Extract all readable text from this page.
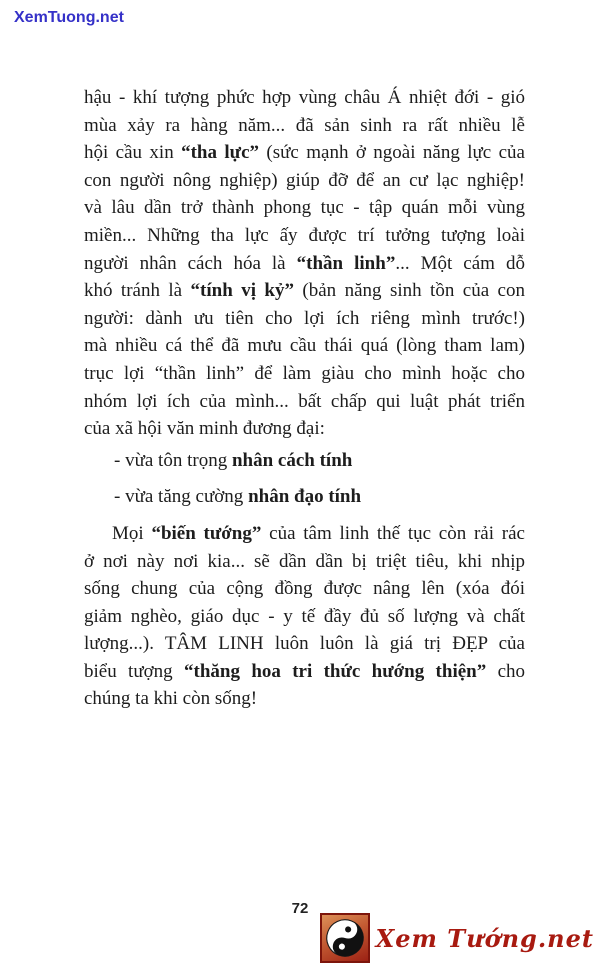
XemTuong.net
hậu - khí tượng phức hợp vùng châu Á nhiệt đới - gió
mùa xảy ra hàng năm... đã sản sinh ra rất nhiều lễ
hội cầu xin “tha lực” (sức mạnh ở ngoài năng lực của
con người nông nghiệp) giúp đỡ để an cư lạc nghiệp!
và lâu dần trở thành phong tục - tập quán mỗi vùng
miền... Những tha lực ấy được trí tưởng tượng loài
người nhân cách hóa là “thần linh”... Một cám dỗ
khó tránh là “tính vị kỷ” (bản năng sinh tồn của con
người: dành ưu tiên cho lợi ích riêng mình trước!)
mà nhiều cá thể đã mưu cầu thái quá (lòng tham lam)
trục lợi “thần linh” để làm giàu cho mình hoặc cho
nhóm lợi ích của mình... bất chấp qui luật phát triển
của xã hội văn minh đương đại:
- vừa tôn trọng nhân cách tính
- vừa tăng cường nhân đạo tính
Mọi “biến tướng” của tâm linh thế tục còn rải rác
ở nơi này nơi kia... sẽ dần dần bị triệt tiêu, khi nhịp
sống chung của cộng đồng được nâng lên (xóa đói
giảm nghèo, giáo dục - y tế đầy đủ số lượng và chất
lượng...). TÂM LINH luôn luôn là giá trị ĐẸP của
biểu tượng “thăng hoa tri thức hướng thiện” cho
chúng ta khi còn sống!
72
Xem Tướng.net
